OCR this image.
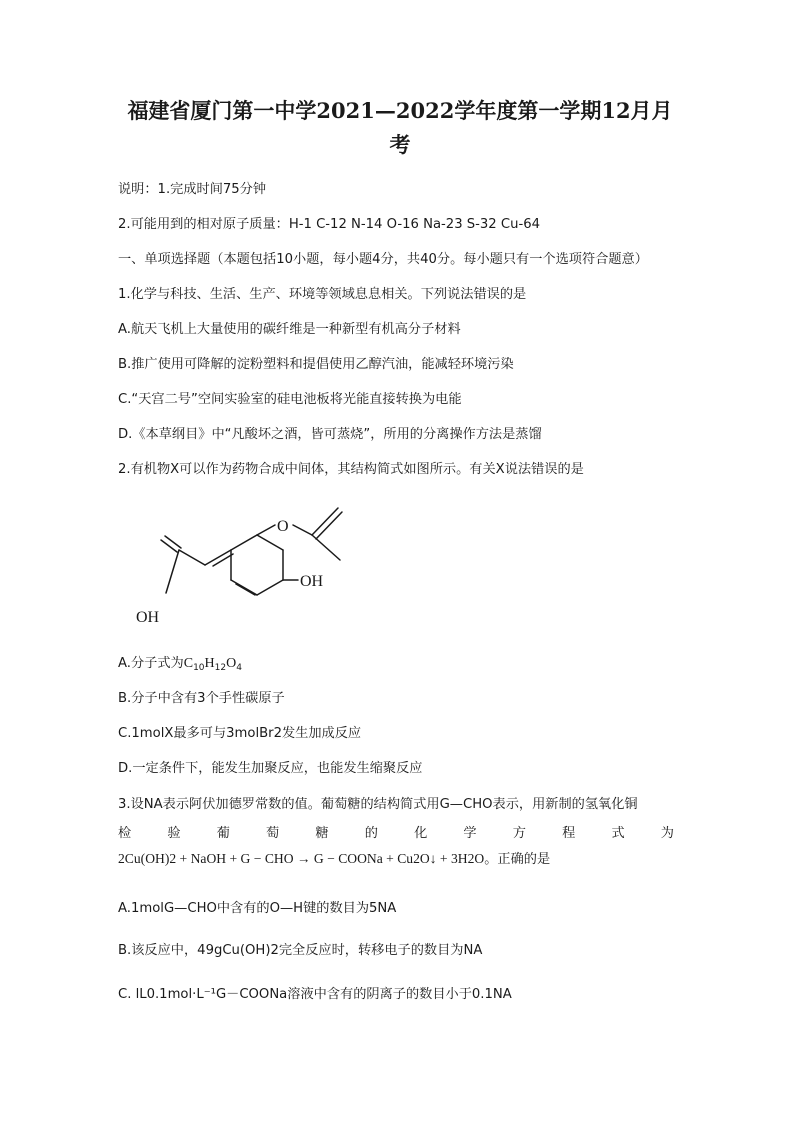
福建省厦门第一中学2021—2022学年度第一学期12月月
考
说明：1.完成时间75分钟
2.可能用到的相对原子质量：H-1 C-12 N-14 O-16 Na-23 S-32 Cu-64
一、单项选择题（本题包括10小题，每小题4分，共40分。每小题只有一个选项符合题意）
1.化学与科技、生活、生产、环境等领域息息相关。下列说法错误的是
A.航天飞机上大量使用的碳纤维是一种新型有机高分子材料
B.推广使用可降解的淀粉塑料和提倡使用乙醇汽油，能减轻环境污染
C.“天宫二号”空间实验室的硅电池板将光能直接转换为电能
D.《本草纲目》中“凡酸坏之酒，皆可蒸烧”，所用的分离操作方法是蒸馏
2.有机物X可以作为药物合成中间体，其结构简式如图所示。有关X说法错误的是
O
OH
OH
A.分子式为$C_{10}H_{12}O_4$
B.分子中含有3个手性碳原子
C.1molX最多可与3molBr2发生加成反应
D.一定条件下，能发生加聚反应，也能发生缩聚反应
3.设NA表示阿伏加德罗常数的值。葡萄糖的结构简式用G—CHO表示，用新制的氢氧化铜
检	验	葡	萄	糖	的	化	学	方	程	式	为
2Cu(OH)2 + NaOH + G − CHO → G − COONa + Cu2O↓ + 3H2O。正确的是
A.1molG—CHO中含有的O—H键的数目为5NA
B.该反应中，49gCu(OH)2完全反应时，转移电子的数目为NA
C. lL0.1mol·L⁻¹G－COONa溶液中含有的阴离子的数目小于0.1NA
